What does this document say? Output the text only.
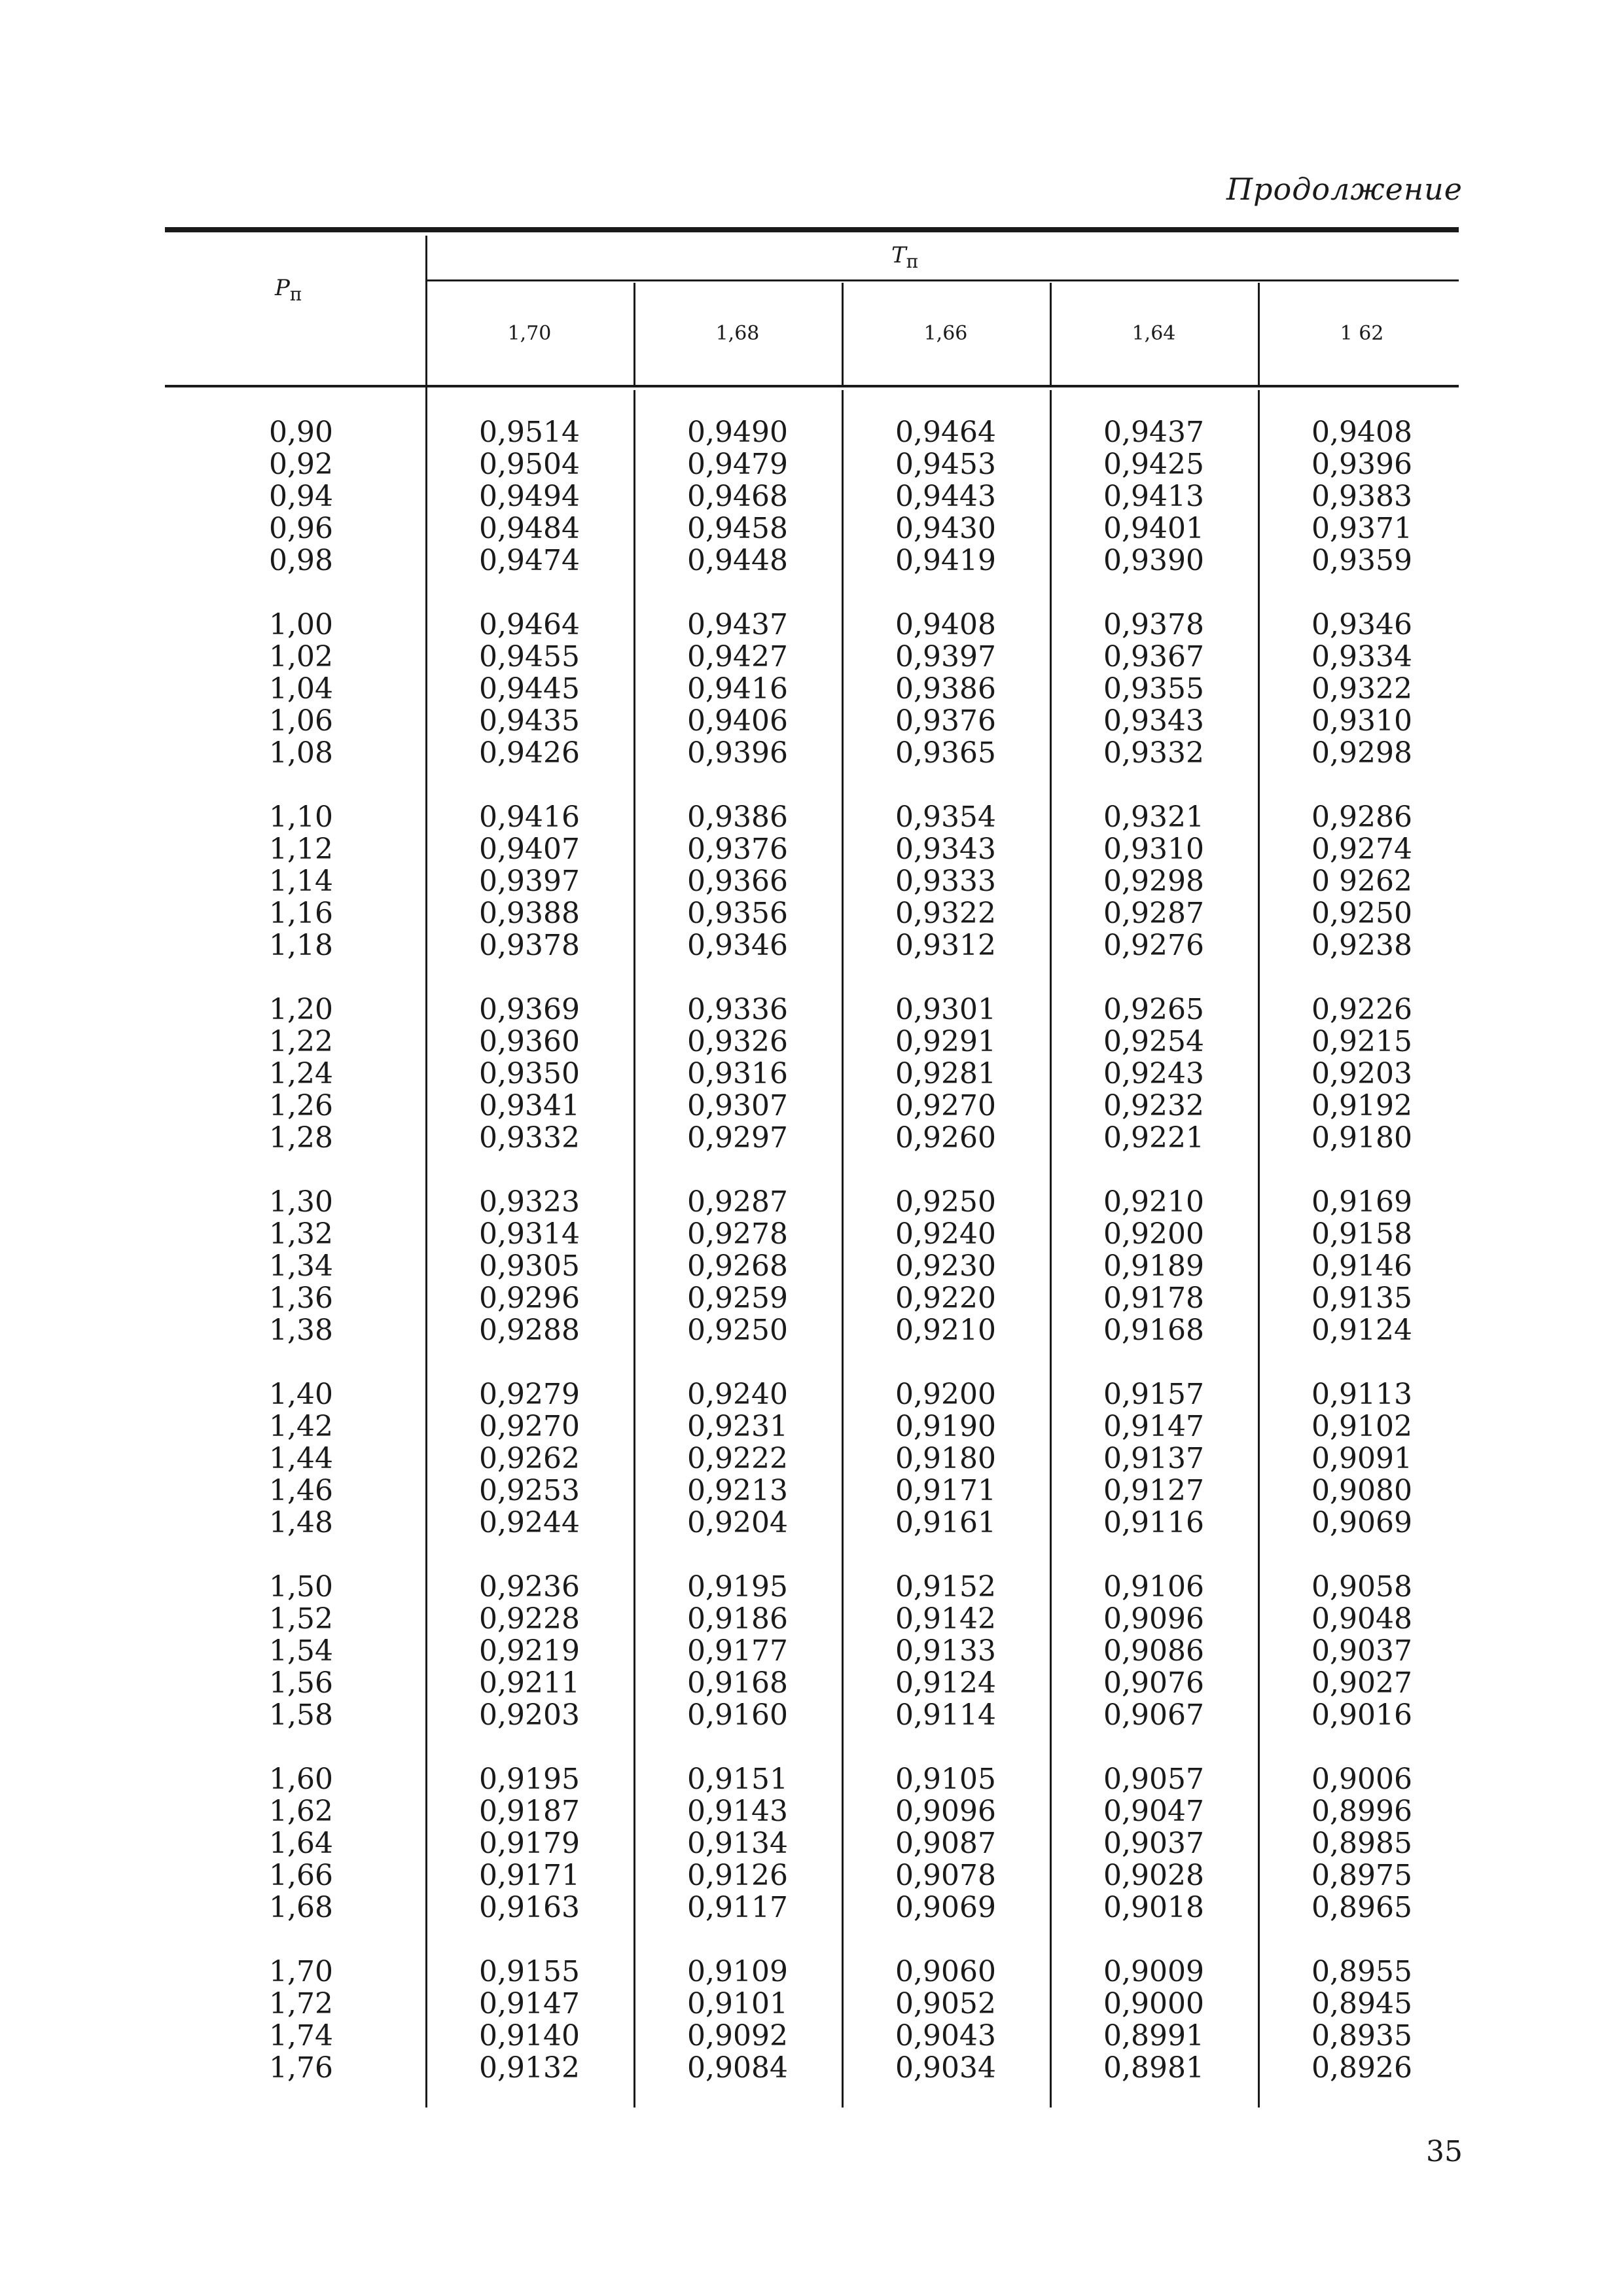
Продолжение
$P_п$
$T_п$
1,70	1,68	1,66	1,64	1 62
0,90	0,9514	0,9490	0,9464	0,9437	0,9408
0,92	0,9504	0,9479	0,9453	0,9425	0,9396
0,94	0,9494	0,9468	0,9443	0,9413	0,9383
0,96	0,9484	0,9458	0,9430	0,9401	0,9371
0,98	0,9474	0,9448	0,9419	0,9390	0,9359
1,00	0,9464	0,9437	0,9408	0,9378	0,9346
1,02	0,9455	0,9427	0,9397	0,9367	0,9334
1,04	0,9445	0,9416	0,9386	0,9355	0,9322
1,06	0,9435	0,9406	0,9376	0,9343	0,9310
1,08	0,9426	0,9396	0,9365	0,9332	0,9298
1,10	0,9416	0,9386	0,9354	0,9321	0,9286
1,12	0,9407	0,9376	0,9343	0,9310	0,9274
1,14	0,9397	0,9366	0,9333	0,9298	0 9262
1,16	0,9388	0,9356	0,9322	0,9287	0,9250
1,18	0,9378	0,9346	0,9312	0,9276	0,9238
1,20	0,9369	0,9336	0,9301	0,9265	0,9226
1,22	0,9360	0,9326	0,9291	0,9254	0,9215
1,24	0,9350	0,9316	0,9281	0,9243	0,9203
1,26	0,9341	0,9307	0,9270	0,9232	0,9192
1,28	0,9332	0,9297	0,9260	0,9221	0,9180
1,30	0,9323	0,9287	0,9250	0,9210	0,9169
1,32	0,9314	0,9278	0,9240	0,9200	0,9158
1,34	0,9305	0,9268	0,9230	0,9189	0,9146
1,36	0,9296	0,9259	0,9220	0,9178	0,9135
1,38	0,9288	0,9250	0,9210	0,9168	0,9124
1,40	0,9279	0,9240	0,9200	0,9157	0,9113
1,42	0,9270	0,9231	0,9190	0,9147	0,9102
1,44	0,9262	0,9222	0,9180	0,9137	0,9091
1,46	0,9253	0,9213	0,9171	0,9127	0,9080
1,48	0,9244	0,9204	0,9161	0,9116	0,9069
1,50	0,9236	0,9195	0,9152	0,9106	0,9058
1,52	0,9228	0,9186	0,9142	0,9096	0,9048
1,54	0,9219	0,9177	0,9133	0,9086	0,9037
1,56	0,9211	0,9168	0,9124	0,9076	0,9027
1,58	0,9203	0,9160	0,9114	0,9067	0,9016
1,60	0,9195	0,9151	0,9105	0,9057	0,9006
1,62	0,9187	0,9143	0,9096	0,9047	0,8996
1,64	0,9179	0,9134	0,9087	0,9037	0,8985
1,66	0,9171	0,9126	0,9078	0,9028	0,8975
1,68	0,9163	0,9117	0,9069	0,9018	0,8965
1,70	0,9155	0,9109	0,9060	0,9009	0,8955
1,72	0,9147	0,9101	0,9052	0,9000	0,8945
1,74	0,9140	0,9092	0,9043	0,8991	0,8935
1,76	0,9132	0,9084	0,9034	0,8981	0,8926
35
